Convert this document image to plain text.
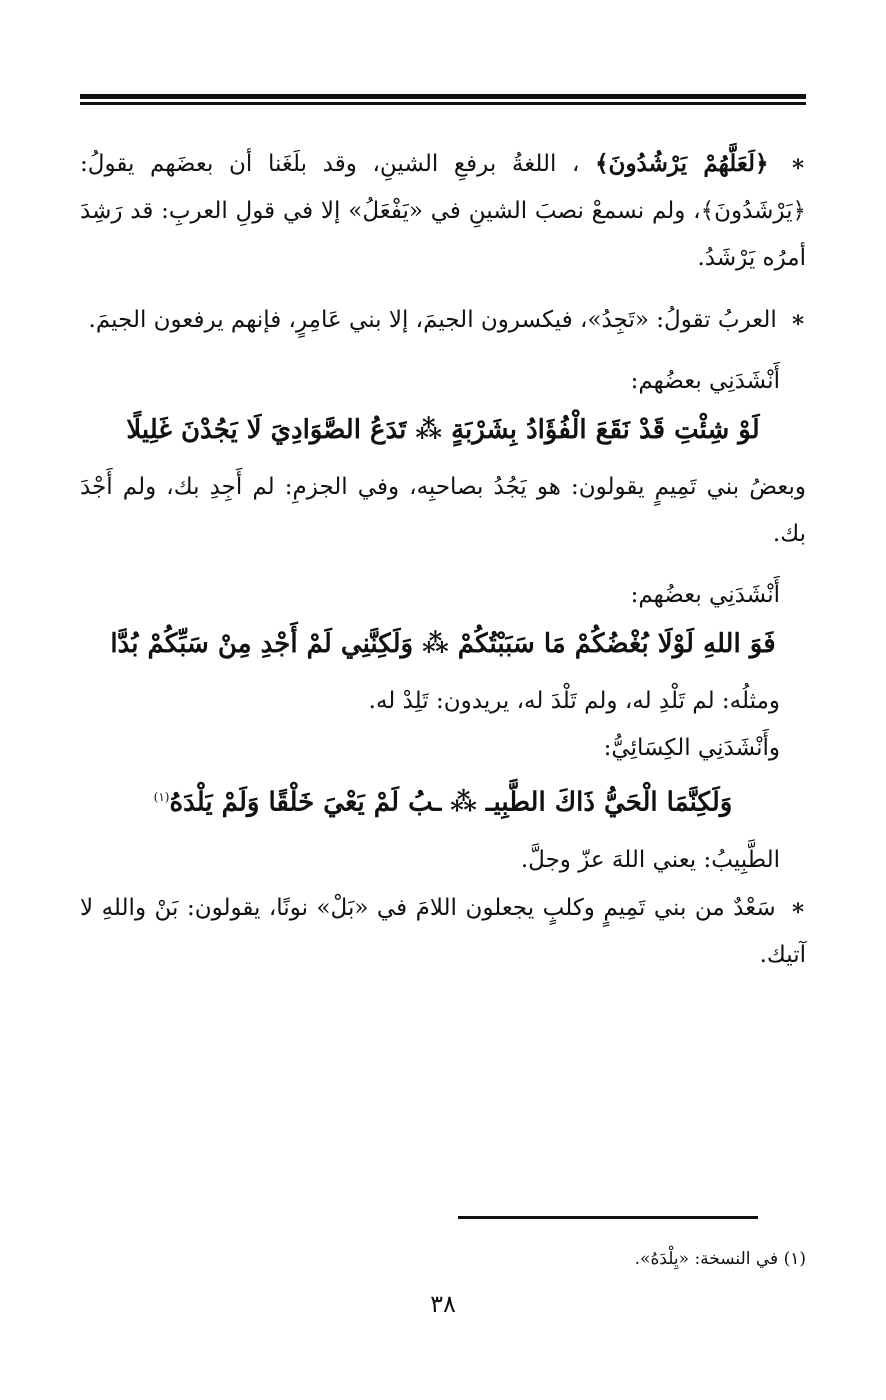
∗ ﴿لَعَلَّهُمْ يَرْشُدُونَ﴾ ، اللغةُ برفعِ الشينِ، وقد بلَغَنا أن بعضَهم يقولُ: ﴿يَرْشَدُونَ﴾، ولم نسمعْ نصبَ الشينِ في «يَفْعَلُ» إلا في قولِ العربِ: قد رَشِدَ أمرُه يَرْشَدُ.

∗ العربُ تقولُ: «تَجِدُ»، فيكسرون الجيمَ، إلا بني عَامِرٍ، فإنهم يرفعون الجيمَ.

أَنْشَدَنِي بعضُهم:

لَوْ شِئْتِ قَدْ نَقَعَ الْفُؤَادُ بِشَرْبَةٍ ⁂ تَدَعُ الصَّوَادِيَ لَا يَجُدْنَ غَلِيلًا

وبعضُ بني تَمِيمٍ يقولون: هو يَجُدُ بصاحبِه، وفي الجزمِ: لم أَجِدِ بك، ولم أَجْدَ بك.

أَنْشَدَنِي بعضُهم:

فَوَ اللهِ لَوْلَا بُغْضُكُمْ مَا سَبَبْتُكُمْ ⁂ وَلَكِنَّنِي لَمْ أَجْدِ مِنْ سَبِّكُمْ بُدَّا

ومثلُه: لم تَلْدِ له، ولم تَلْدَ له، يريدون: تَلِدْ له.

وأَنْشَدَنِي الكِسَائِيُّ:

وَلَكِنَّمَا الْحَيُّ ذَاكَ الطَّبِيـ ⁂ ـبُ لَمْ يَعْيَ خَلْقًا وَلَمْ يَلْدَهُ$^{(١)}$

الطَّبِيبُ: يعني اللهَ عزّ وجلَّ.

∗ سَعْدٌ من بني تَمِيمٍ وكلبٍ يجعلون اللامَ في «بَلْ» نونًا، يقولون: بَنْ واللهِ لا آتيك.

(١) في النسخة: «يِلْدَهُ».
٣٨
